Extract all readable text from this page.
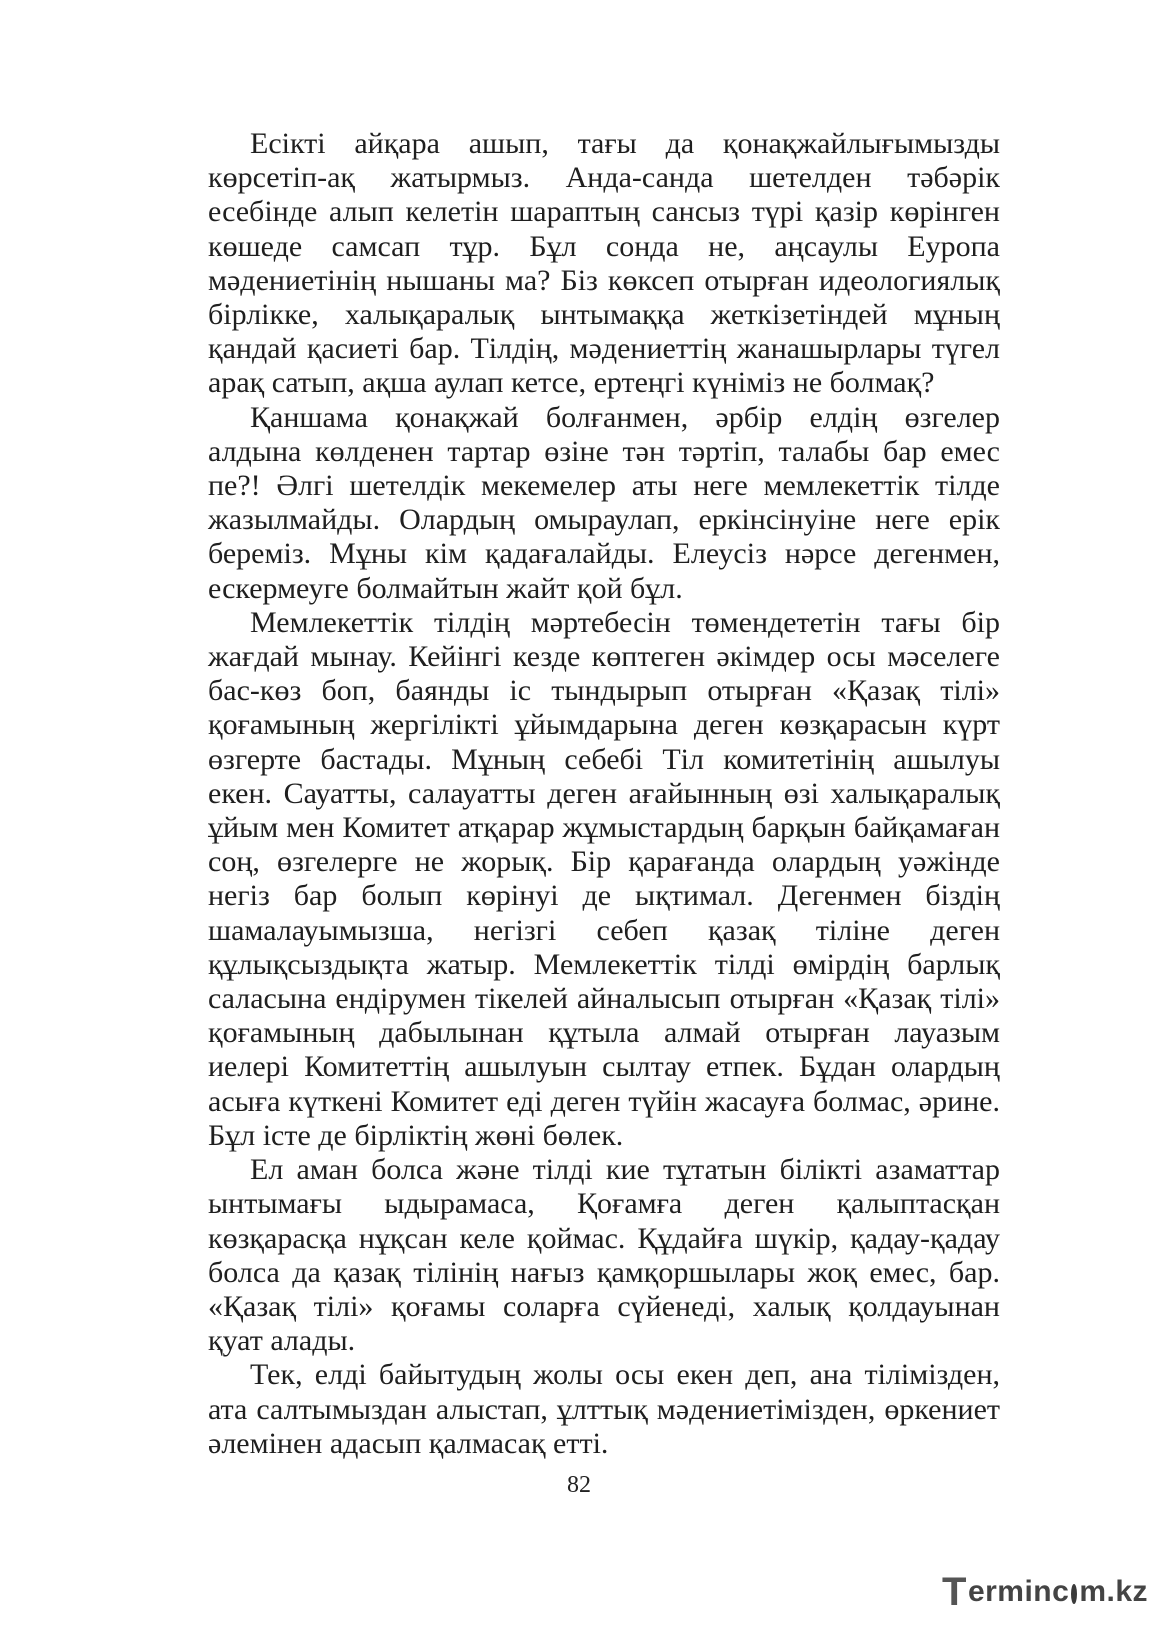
Есікті айқара ашып, тағы да қонақжайлығымызды көрсетіп-ақ жатырмыз. Анда-санда шетелден тәбәрік есебінде алып келетін шараптың сансыз түрі қазір көрінген көшеде самсап тұр. Бұл сонда не, аңсаулы Еуропа мәдениетінің нышаны ма? Біз көксеп отырған идеологиялық бірлікке, халықаралық ынтымаққа жеткізетіндей мұның қандай қасиеті бар. Тілдің, мәдениеттің жанашырлары түгел арақ сатып, ақша аулап кетсе, ертеңгі күніміз не болмақ?

Қаншама қонақжай болғанмен, әрбір елдің өзгелер алдына көлденен тартар өзіне тән тәртіп, талабы бар емес пе?! Әлгі шетелдік мекемелер аты неге мемлекеттік тілде жазылмайды. Олардың омыраулап, еркінсінуіне неге ерік береміз. Мұны кім қадағалайды. Елеусіз нәрсе дегенмен, ескермеуге болмайтын жайт қой бұл.

Мемлекеттік тілдің мәртебесін төмендететін тағы бір жағдай мынау. Кейінгі кезде көптеген әкімдер осы мәселеге бас-көз боп, баянды іс тындырып отырған «Қазақ тілі» қоғамының жергілікті ұйымдарына деген көзқарасын күрт өзгерте бастады. Мұның себебі Тіл комитетінің ашылуы екен. Сауатты, салауатты деген ағайынның өзі халықаралық ұйым мен Комитет атқарар жұмыстардың барқын байқамаған соң, өзгелерге не жорық. Бір қарағанда олардың уәжінде негіз бар болып көрінуі де ықтимал. Дегенмен біздің шамалауымызша, негізгі себеп қазақ тіліне деген құлықсыздықта жатыр. Мемлекеттік тілді өмірдің барлық саласына ендірумен тікелей айналысып отырған «Қазақ тілі» қоғамының дабылынан құтыла алмай отырған лауазым иелері Комитеттің ашылуын сылтау етпек. Бұдан олардың асыға күткені Комитет еді деген түйін жасауға болмас, әрине. Бұл істе де бірліктің жөні бөлек.

Ел аман болса және тілді кие тұтатын білікті азаматтар ынтымағы ыдырамаса, Қоғамға деген қалыптасқан көзқарасқа нұқсан келе қоймас. Құдайға шүкір, қадау-қадау болса да қазақ тілінің нағыз қамқоршылары жоқ емес, бар. «Қазақ тілі» қоғамы соларға сүйенеді, халық қолдауынан қуат алады.

Тек, елді байытудың жолы осы екен деп, ана тілімізден, ата салтымыздан алыстап, ұлттық мәдениетімізден, өркениет әлемінен адасып қалмасақ етті.

82
T erminc m.kz
